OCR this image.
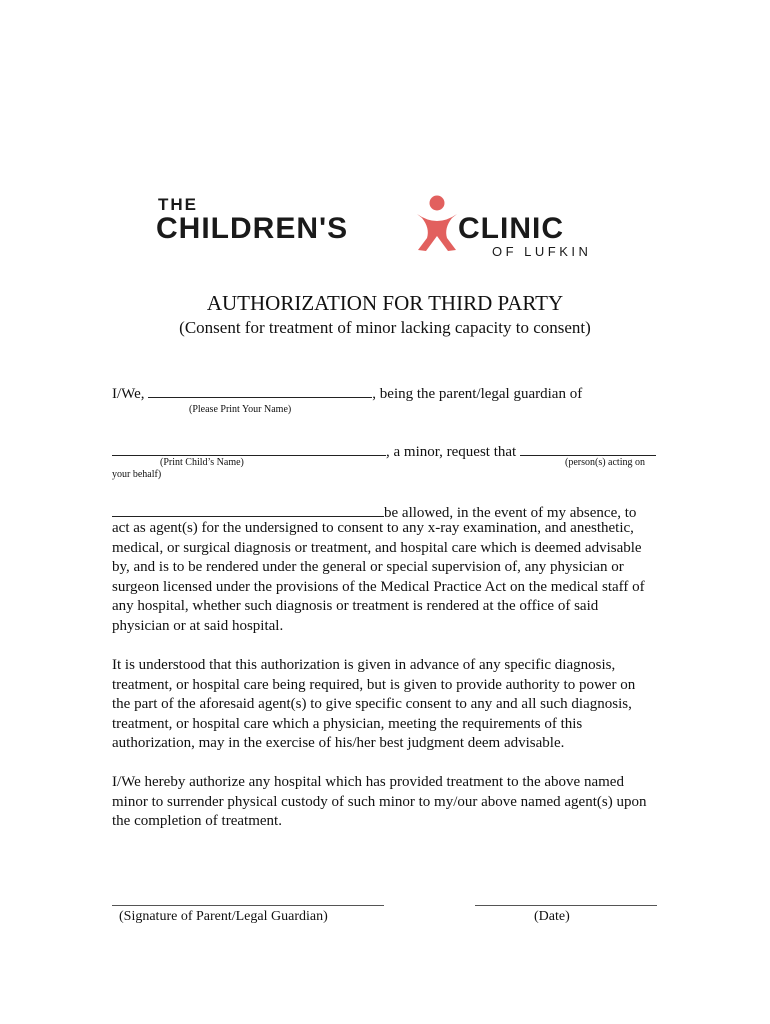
THE
CHILDREN'S	CLINIC
OF LUFKIN
AUTHORIZATION FOR THIRD PARTY
(Consent for treatment of minor lacking capacity to consent)
I/We,	, being the parent/legal guardian of
(Please Print Your Name)
, a minor, request that
(Print Child’s Name)	(person(s) acting on
your behalf)
be allowed, in the event of my absence, to
act as agent(s) for the undersigned to consent to any x-ray examination, and anesthetic,
medical, or surgical diagnosis or treatment, and hospital care which is deemed advisable
by, and is to be rendered under the general or special supervision of, any physician or
surgeon licensed under the provisions of the Medical Practice Act on the medical staff of
any hospital, whether such diagnosis or treatment is rendered at the office of said
physician or at said hospital.
It is understood that this authorization is given in advance of any specific diagnosis,
treatment, or hospital care being required, but is given to provide authority to power on
the part of the aforesaid agent(s) to give specific consent to any and all such diagnosis,
treatment, or hospital care which a physician, meeting the requirements of this
authorization, may in the exercise of his/her best judgment deem advisable.
I/We hereby authorize any hospital which has provided treatment to the above named
minor to surrender physical custody of such minor to my/our above named agent(s) upon
the completion of treatment.
(Signature of Parent/Legal Guardian)	(Date)
